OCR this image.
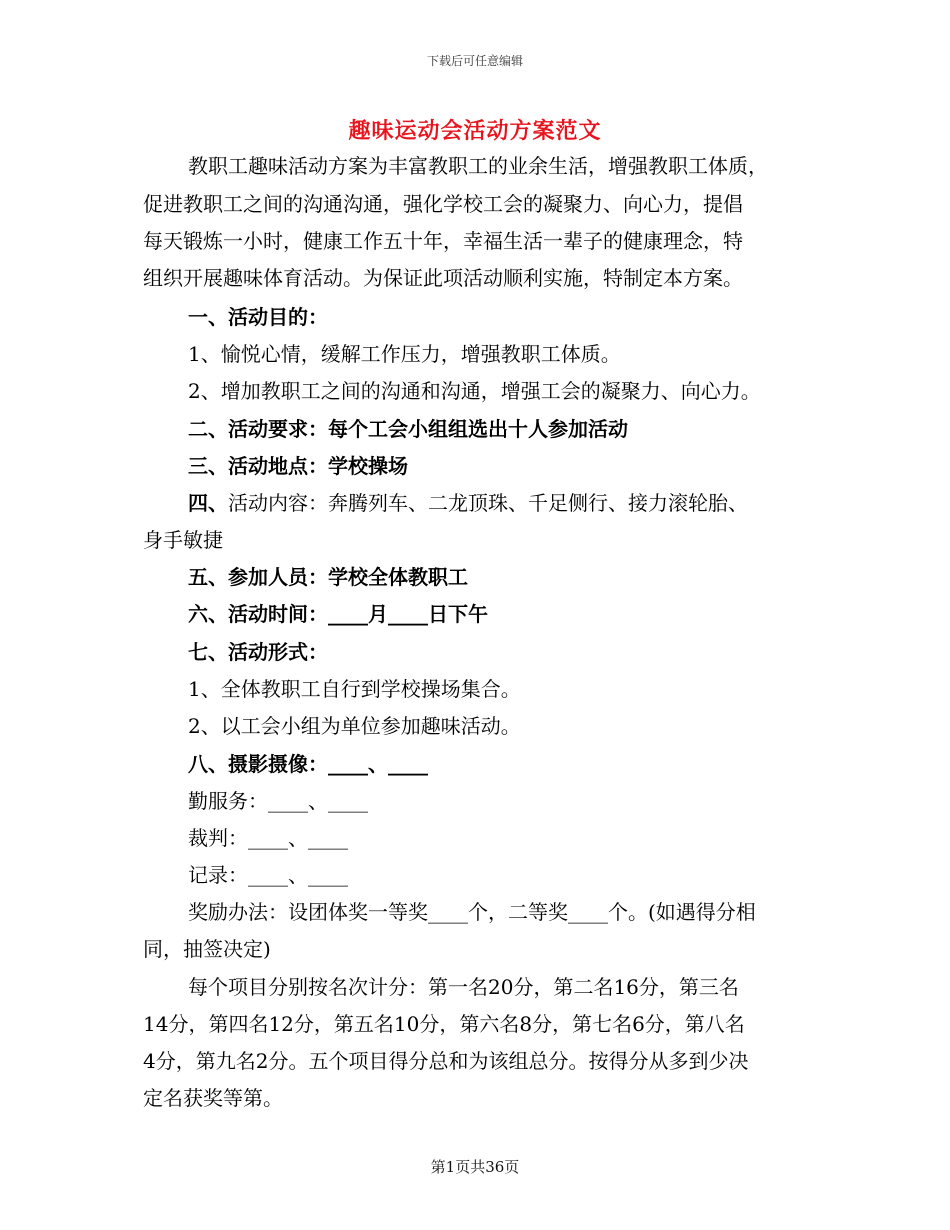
下载后可任意编辑
趣味运动会活动方案范文
教职工趣味活动方案为丰富教职工的业余生活，增强教职工体质，
促进教职工之间的沟通沟通，强化学校工会的凝聚力、向心力，提倡
每天锻炼一小时，健康工作五十年，幸福生活一辈子的健康理念，特
组织开展趣味体育活动。为保证此项活动顺利实施，特制定本方案。
一、活动目的：
1、愉悦心情，缓解工作压力，增强教职工体质。
2、增加教职工之间的沟通和沟通，增强工会的凝聚力、向心力。
二、活动要求：每个工会小组组选出十人参加活动
三、活动地点：学校操场
四、活动内容：奔腾列车、二龙顶珠、千足侧行、接力滚轮胎、
身手敏捷
五、参加人员：学校全体教职工
六、活动时间：____月____日下午
七、活动形式：
1、全体教职工自行到学校操场集合。
2、以工会小组为单位参加趣味活动。
八、摄影摄像：____、____
勤服务：____、____
裁判：____、____
记录：____、____
奖励办法：设团体奖一等奖____个，二等奖____个。(如遇得分相
同，抽签决定)
每个项目分别按名次计分：第一名20分，第二名16分，第三名
14分，第四名12分，第五名10分，第六名8分，第七名6分，第八名
4分，第九名2分。五个项目得分总和为该组总分。按得分从多到少决
定名获奖等第。
第1页共36页
